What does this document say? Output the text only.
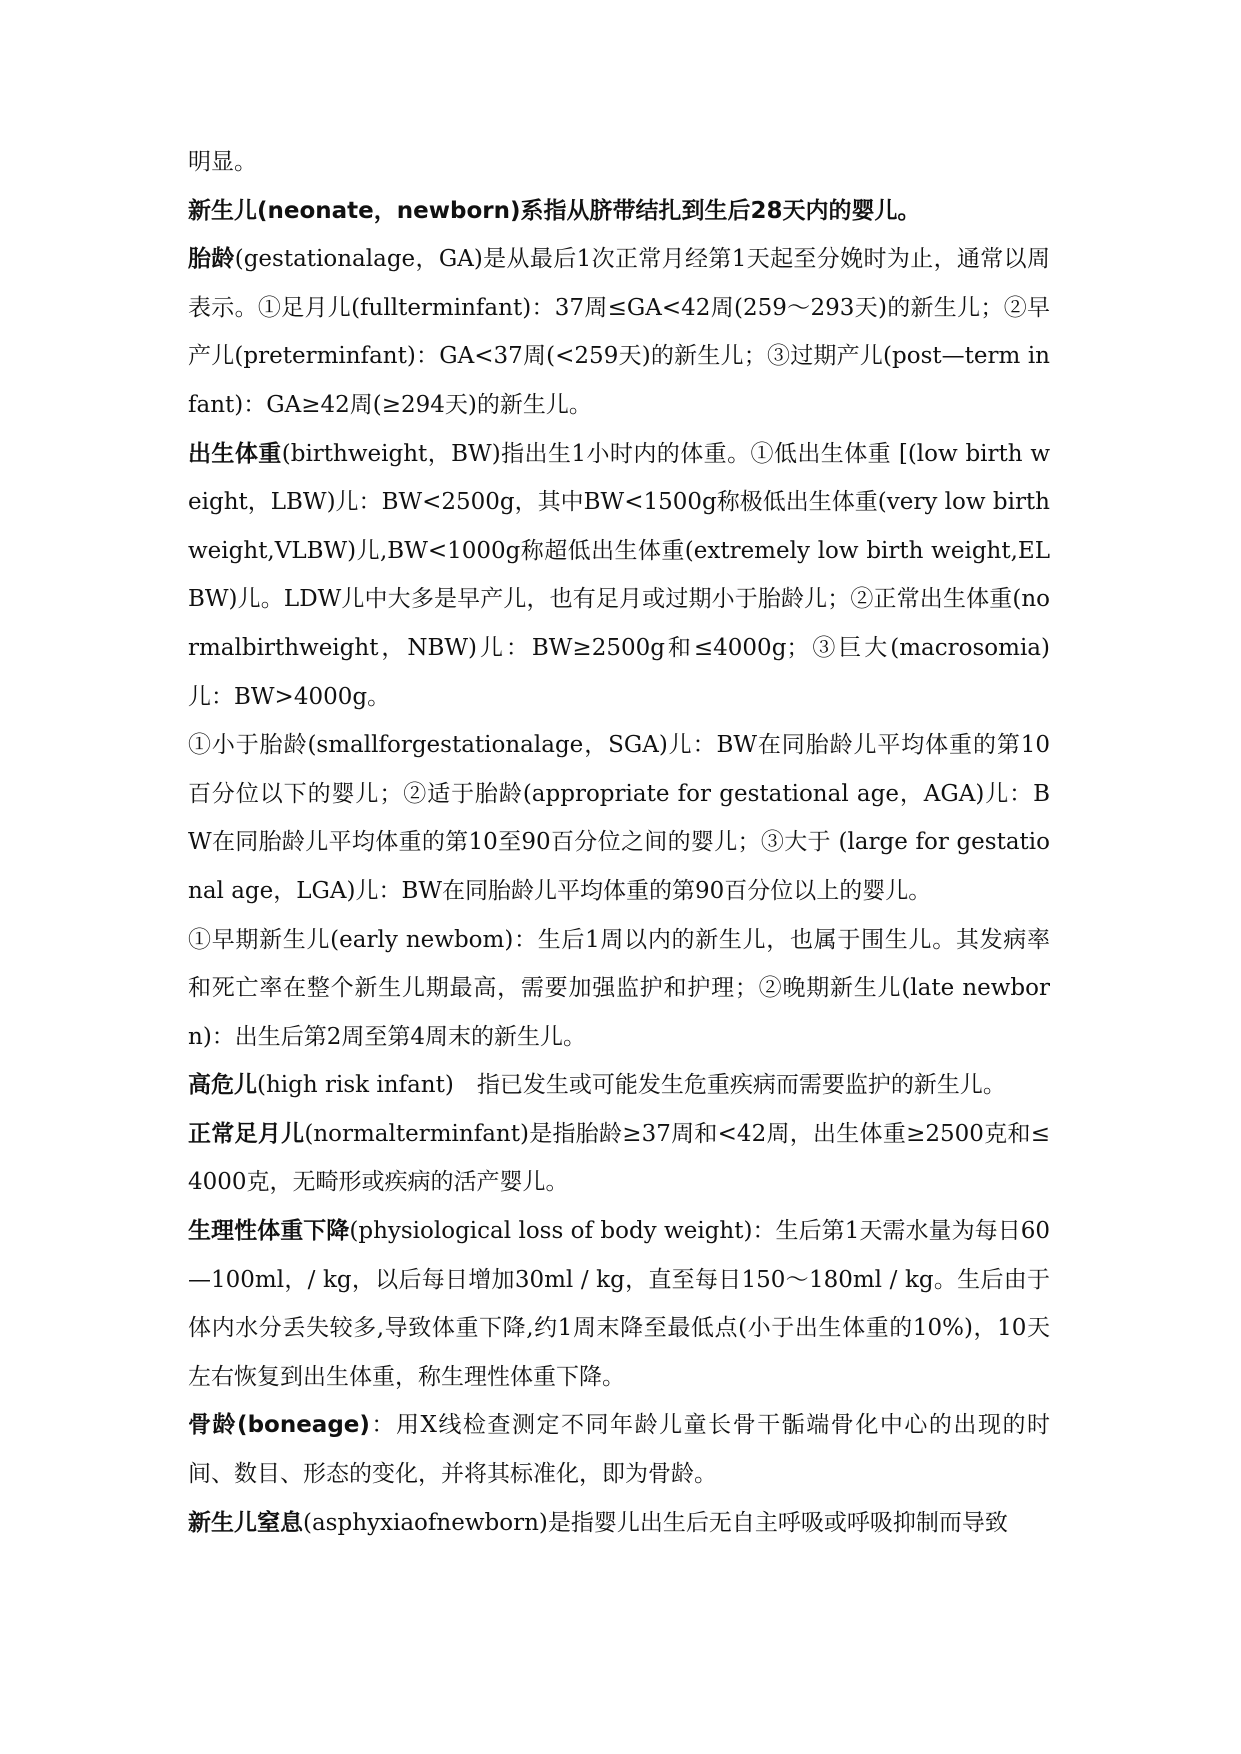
明显。

新生儿(neonate，newborn)系指从脐带结扎到生后28天内的婴儿。

胎龄(gestationalage，GA)是从最后1次正常月经第1天起至分娩时为止，通常以周表示。①足月儿(fullterminfant)：37周≤GA<42周(259～293天)的新生儿；②早产儿(preterminfant)：GA<37周(<259天)的新生儿；③过期产儿(post—term infant)：GA≥42周(≥294天)的新生儿。

出生体重(birthweight，BW)指出生1小时内的体重。①低出生体重 [(low birth weight，LBW)儿：BW<2500g，其中BW<1500g称极低出生体重(very low birth weight,VLBW)儿,BW<1000g称超低出生体重(extremely low birth weight,ELBW)儿。LDW儿中大多是早产儿，也有足月或过期小于胎龄儿；②正常出生体重(normalbirthweight，NBW)儿：BW≥2500g和≤4000g；③巨大(macrosomia)儿：BW>4000g。

①小于胎龄(smallforgestationalage，SGA)儿：BW在同胎龄儿平均体重的第10百分位以下的婴儿；②适于胎龄(appropriate for gestational age，AGA)儿：BW在同胎龄儿平均体重的第10至90百分位之间的婴儿；③大于 (large for gestational age，LGA)儿：BW在同胎龄儿平均体重的第90百分位以上的婴儿。

①早期新生儿(early newbom)：生后1周以内的新生儿，也属于围生儿。其发病率和死亡率在整个新生儿期最高，需要加强监护和护理；②晚期新生儿(late newborn)：出生后第2周至第4周末的新生儿。

高危儿(high risk infant)　指已发生或可能发生危重疾病而需要监护的新生儿。

正常足月儿(normalterminfant)是指胎龄≥37周和<42周，出生体重≥2500克和≤4000克，无畸形或疾病的活产婴儿。

生理性体重下降(physiological loss of body weight)：生后第1天需水量为每日60—100ml，/ kg，以后每日增加30ml / kg，直至每日150～180ml / kg。生后由于体内水分丢失较多,导致体重下降,约1周末降至最低点(小于出生体重的10%)，10天左右恢复到出生体重，称生理性体重下降。

骨龄(boneage)：用X线检查测定不同年龄儿童长骨干骺端骨化中心的出现的时间、数目、形态的变化，并将其标准化，即为骨龄。

新生儿窒息(asphyxiaofnewborn)是指婴儿出生后无自主呼吸或呼吸抑制而导致
